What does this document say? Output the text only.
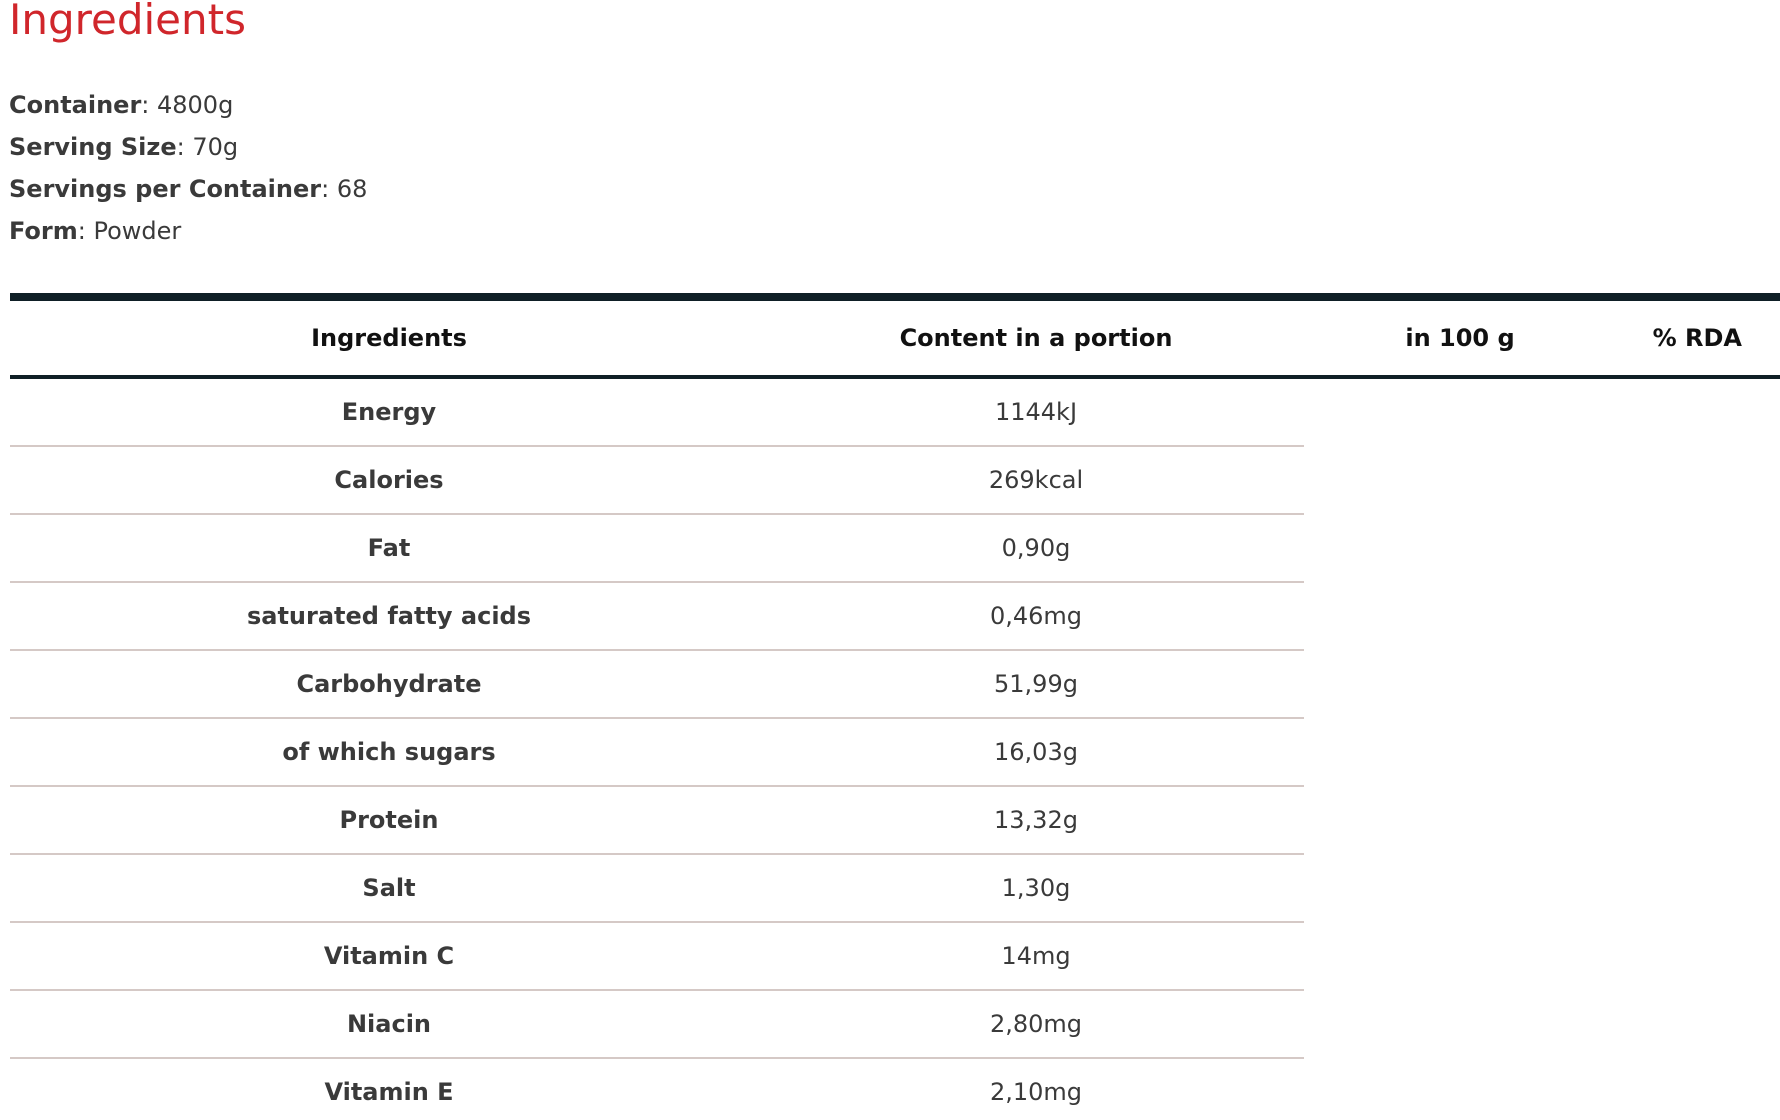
Ingredients
Container: 4800g
Serving Size: 70g
Servings per Container: 68
Form: Powder
Ingredients	Content in a portion	in 100 g	% RDA
Energy	1144kJ		
Calories	269kcal		
Fat	0,90g		
saturated fatty acids	0,46mg		
Carbohydrate	51,99g		
of which sugars	16,03g		
Protein	13,32g		
Salt	1,30g		
Vitamin C	14mg		
Niacin	2,80mg		
Vitamin E	2,10mg		
